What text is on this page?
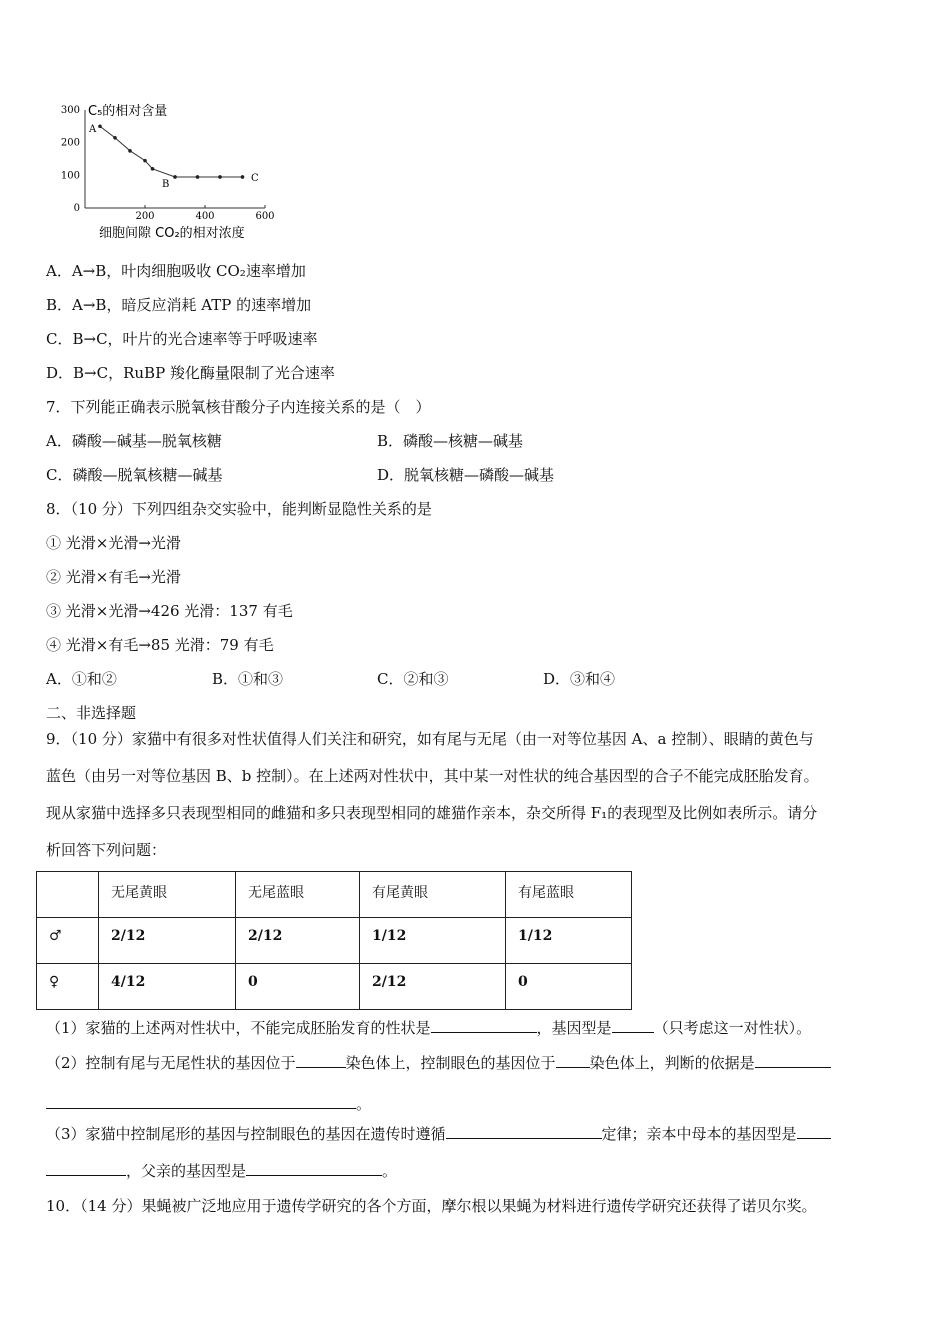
C₅的相对含量
300
200
100
0
200	400	600
A
B
C
细胞间隙 CO₂的相对浓度
A．A→B，叶肉细胞吸收 CO₂速率增加
B．A→B，暗反应消耗 ATP 的速率增加
C．B→C，叶片的光合速率等于呼吸速率
D．B→C，RuBP 羧化酶量限制了光合速率
7．下列能正确表示脱氧核苷酸分子内连接关系的是（　）
A．磷酸—碱基—脱氧核糖	B．磷酸—核糖—碱基
C．磷酸—脱氧核糖—碱基	D．脱氧核糖—磷酸—碱基
8．（10 分）下列四组杂交实验中，能判断显隐性关系的是
① 光滑×光滑→光滑
② 光滑×有毛→光滑
③ 光滑×光滑→426 光滑：137 有毛
④ 光滑×有毛→85 光滑：79 有毛
A．①和②	B．①和③	C．②和③	D．③和④
二、非选择题
9．（10 分）家猫中有很多对性状值得人们关注和研究，如有尾与无尾（由一对等位基因 A、a 控制）、眼睛的黄色与
蓝色（由另一对等位基因 B、b 控制）。在上述两对性状中，其中某一对性状的纯合基因型的合子不能完成胚胎发育。
现从家猫中选择多只表现型相同的雌猫和多只表现型相同的雄猫作亲本，杂交所得 F₁的表现型及比例如表所示。请分
析回答下列问题：
	无尾黄眼	无尾蓝眼	有尾黄眼	有尾蓝眼
♂	2/12	2/12	1/12	1/12
♀	4/12	0	2/12	0
（1）家猫的上述两对性状中，不能完成胚胎发育的性状是	，基因型是	（只考虑这一对性状）。
（2）控制有尾与无尾性状的基因位于	染色体上，控制眼色的基因位于 染色体上，判断的依据是
。
（3）家猫中控制尾形的基因与控制眼色的基因在遗传时遵循	定律；亲本中母本的基因型是
，父亲的基因型是	。
10．（14 分）果蝇被广泛地应用于遗传学研究的各个方面，摩尔根以果蝇为材料进行遗传学研究还获得了诺贝尔奖。
